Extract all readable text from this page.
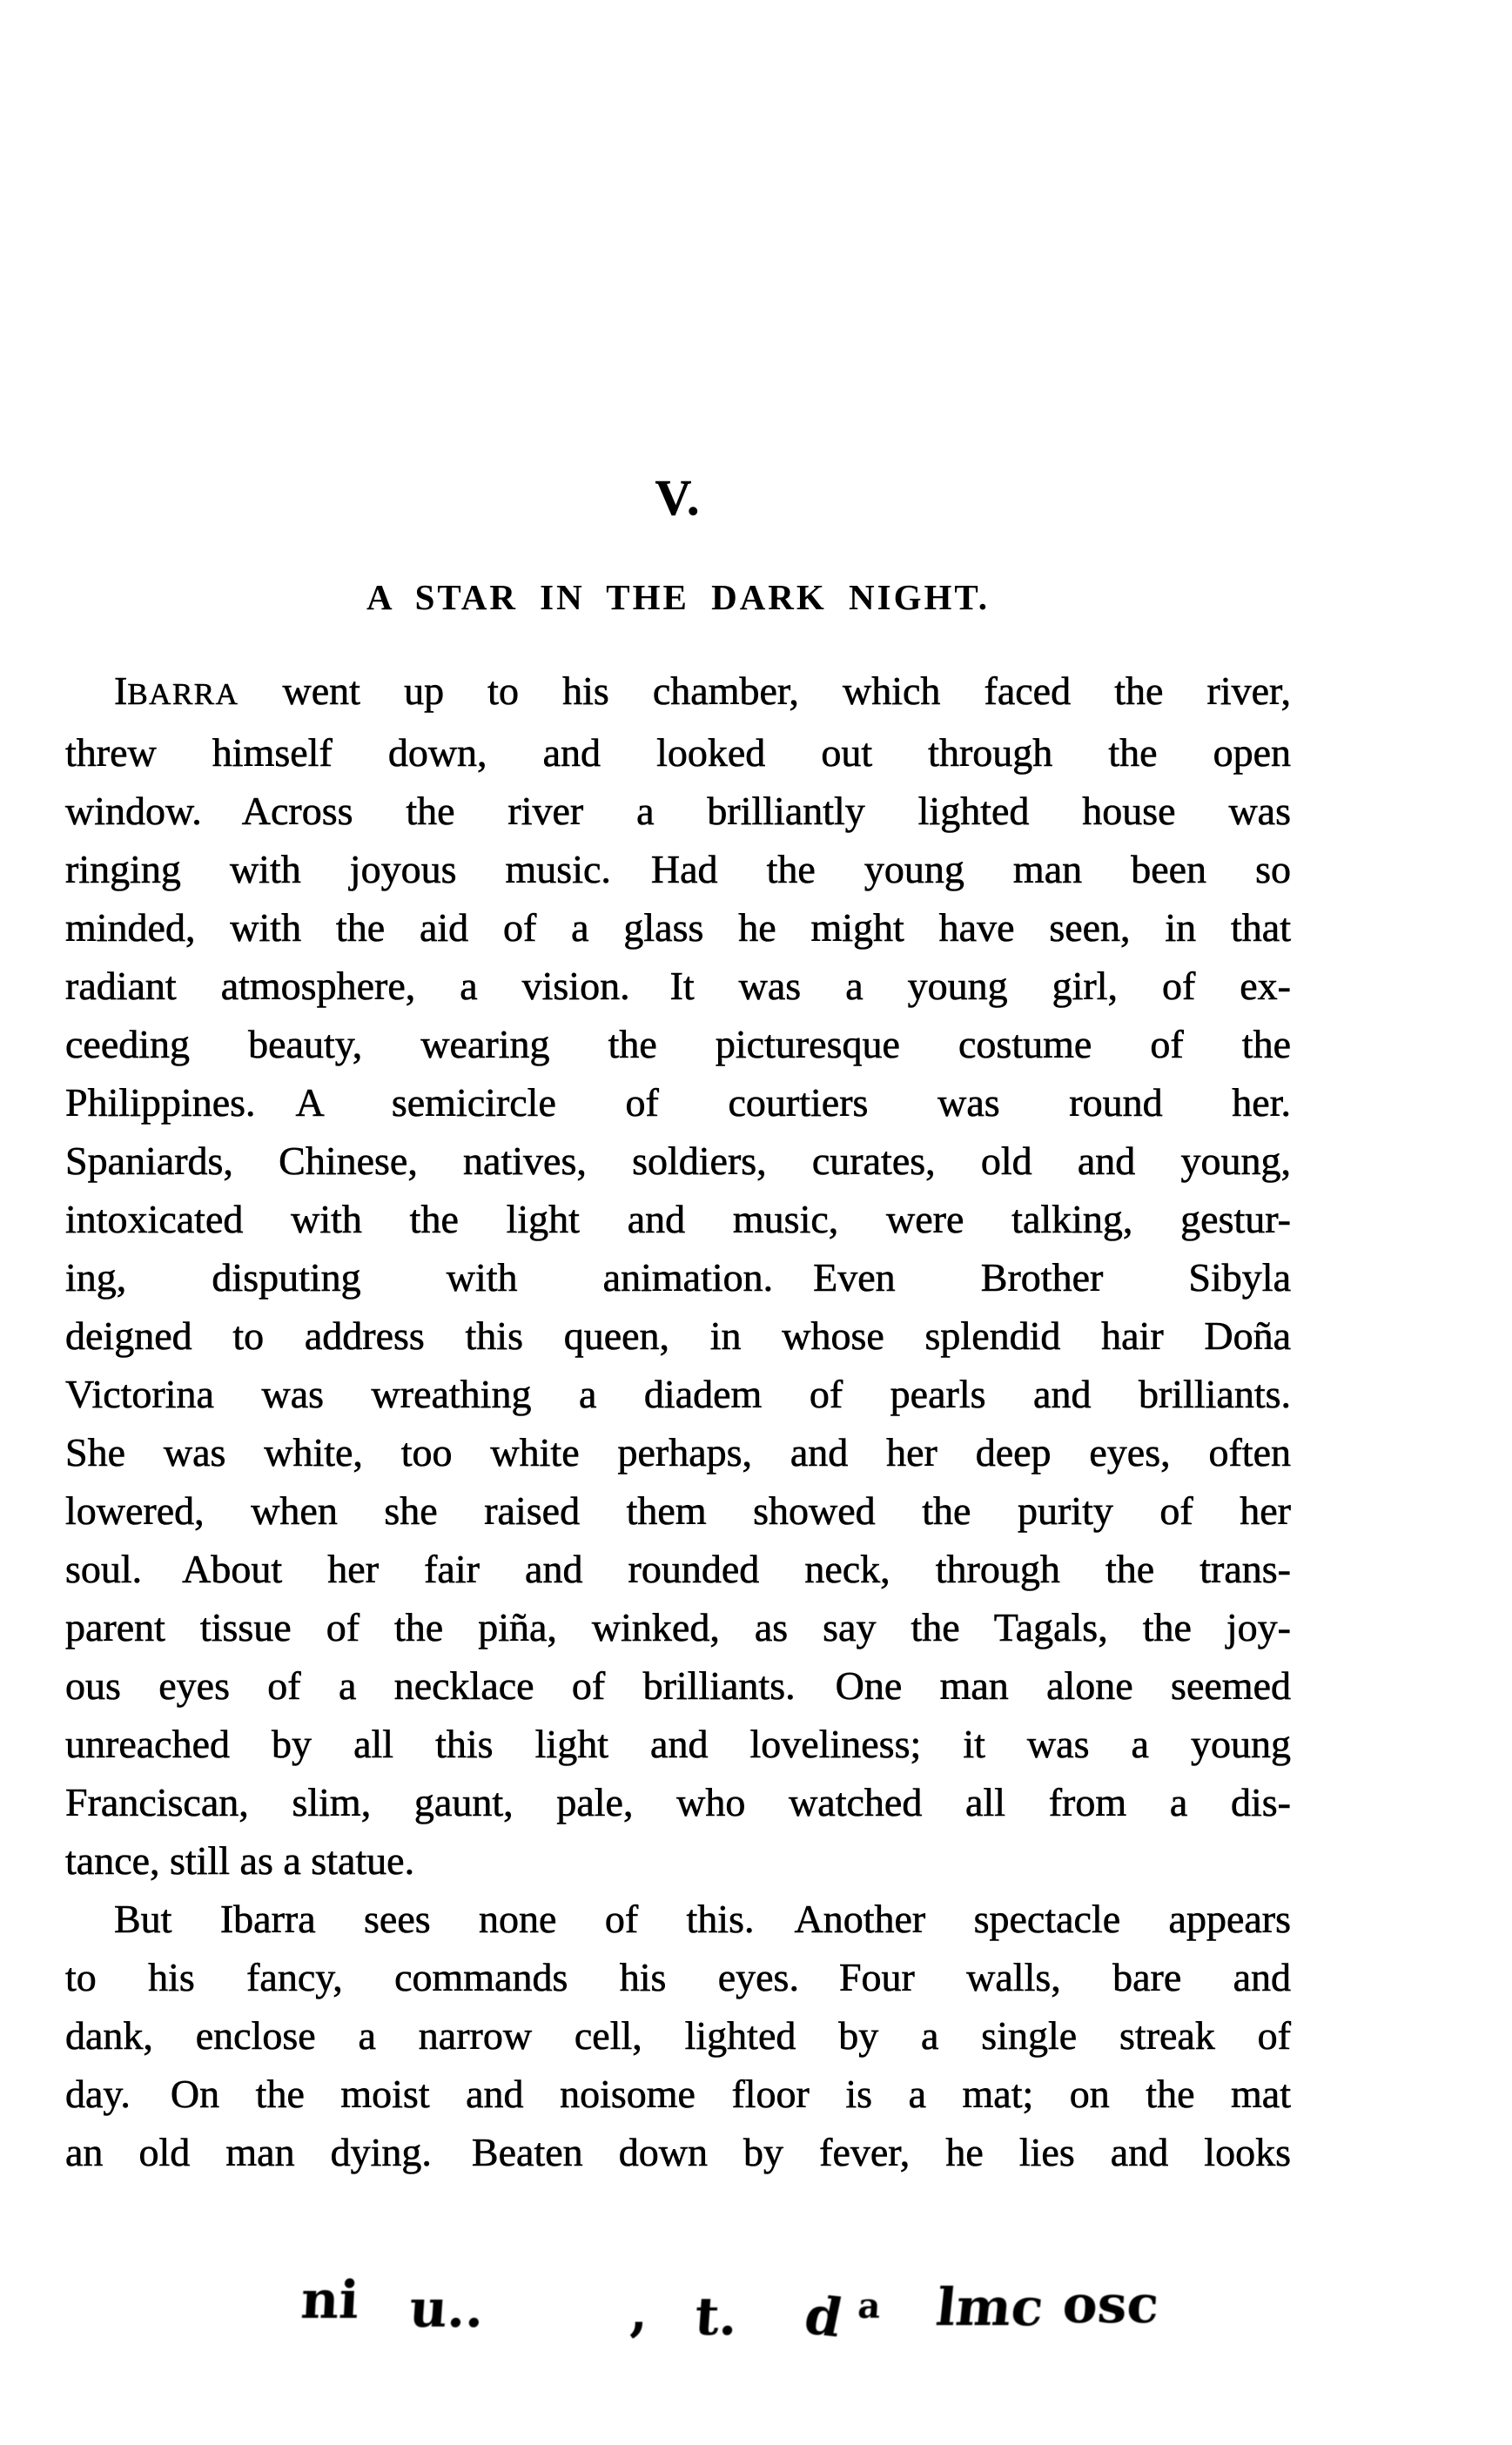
V.
A STAR IN THE DARK NIGHT.
IBARRA went up to his chamber, which faced the river,
threw himself down, and looked out through the open
window. Across the river a brilliantly lighted house was
ringing with joyous music. Had the young man been so
minded, with the aid of a glass he might have seen, in that
radiant atmosphere, a vision. It was a young girl, of ex-
ceeding beauty, wearing the picturesque costume of the
Philippines. A semicircle of courtiers was round her.
Spaniards, Chinese, natives, soldiers, curates, old and young,
intoxicated with the light and music, were talking, gestur-
ing, disputing with animation. Even Brother Sibyla
deigned to address this queen, in whose splendid hair Doña
Victorina was wreathing a diadem of pearls and brilliants.
She was white, too white perhaps, and her deep eyes, often
lowered, when she raised them showed the purity of her
soul. About her fair and rounded neck, through the trans-
parent tissue of the piña, winked, as say the Tagals, the joy-
ous eyes of a necklace of brilliants. One man alone seemed
unreached by all this light and loveliness; it was a young
Franciscan, slim, gaunt, pale, who watched all from a dis-
tance, still as a statue.
But Ibarra sees none of this. Another spectacle appears
to his fancy, commands his eyes. Four walls, bare and
dank, enclose a narrow cell, lighted by a single streak of
day. On the moist and noisome floor is a mat; on the mat
an old man dying. Beaten down by fever, he lies and looks
ni u..	, t. d a lmc osc
